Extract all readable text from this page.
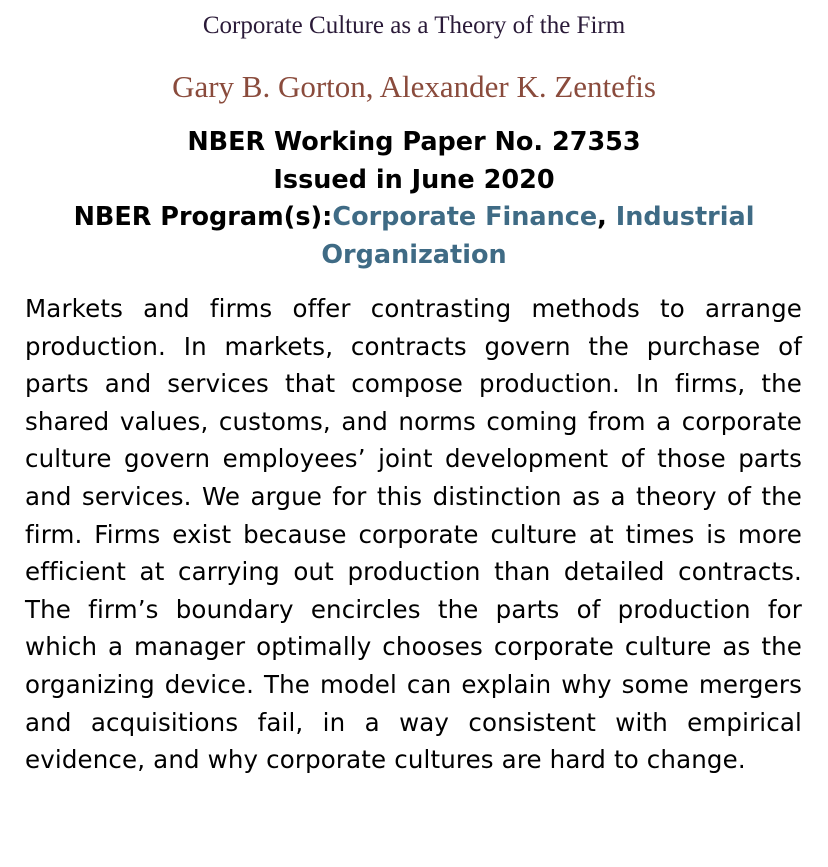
Corporate Culture as a Theory of the Firm
Gary B. Gorton, Alexander K. Zentefis
NBER Working Paper No. 27353
Issued in June 2020
NBER Program(s):Corporate Finance, Industrial Organization

Markets and firms offer contrasting methods to arrange production. In markets, contracts govern the purchase of parts and services that compose production. In firms, the shared values, customs, and norms coming from a corporate culture govern employees’ joint development of those parts and services. We argue for this distinction as a theory of the firm. Firms exist because corporate culture at times is more efficient at carrying out production than detailed contracts. The firm’s boundary encircles the parts of production for which a manager optimally chooses corporate culture as the organizing device. The model can explain why some mergers and acquisitions fail, in a way consistent with empirical evidence, and why corporate cultures are hard to change.
